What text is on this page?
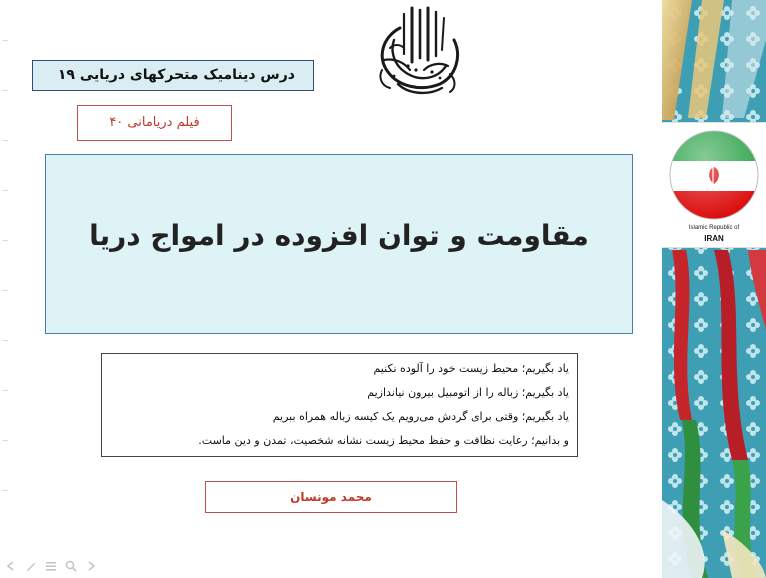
درس دینامیک متحرکهای دریایی ۱۹
فیلم دریامانی ۴۰
مقاومت و توان افزوده در امواج دریا
یاد بگیریم؛ محیط زیست خود را آلوده نکنیم
یاد بگیریم؛ زباله را از اتومبیل بیرون نیاندازیم
یاد بگیریم؛ وقتی برای گردش می‌رویم یک کیسه زباله همراه ببریم
و بدانیم؛ رعایت نظافت و حفظ محیط زیست نشانه شخصیت، تمدن و دین ماست.
محمد مونسان
Islamic Republic of
IRAN
